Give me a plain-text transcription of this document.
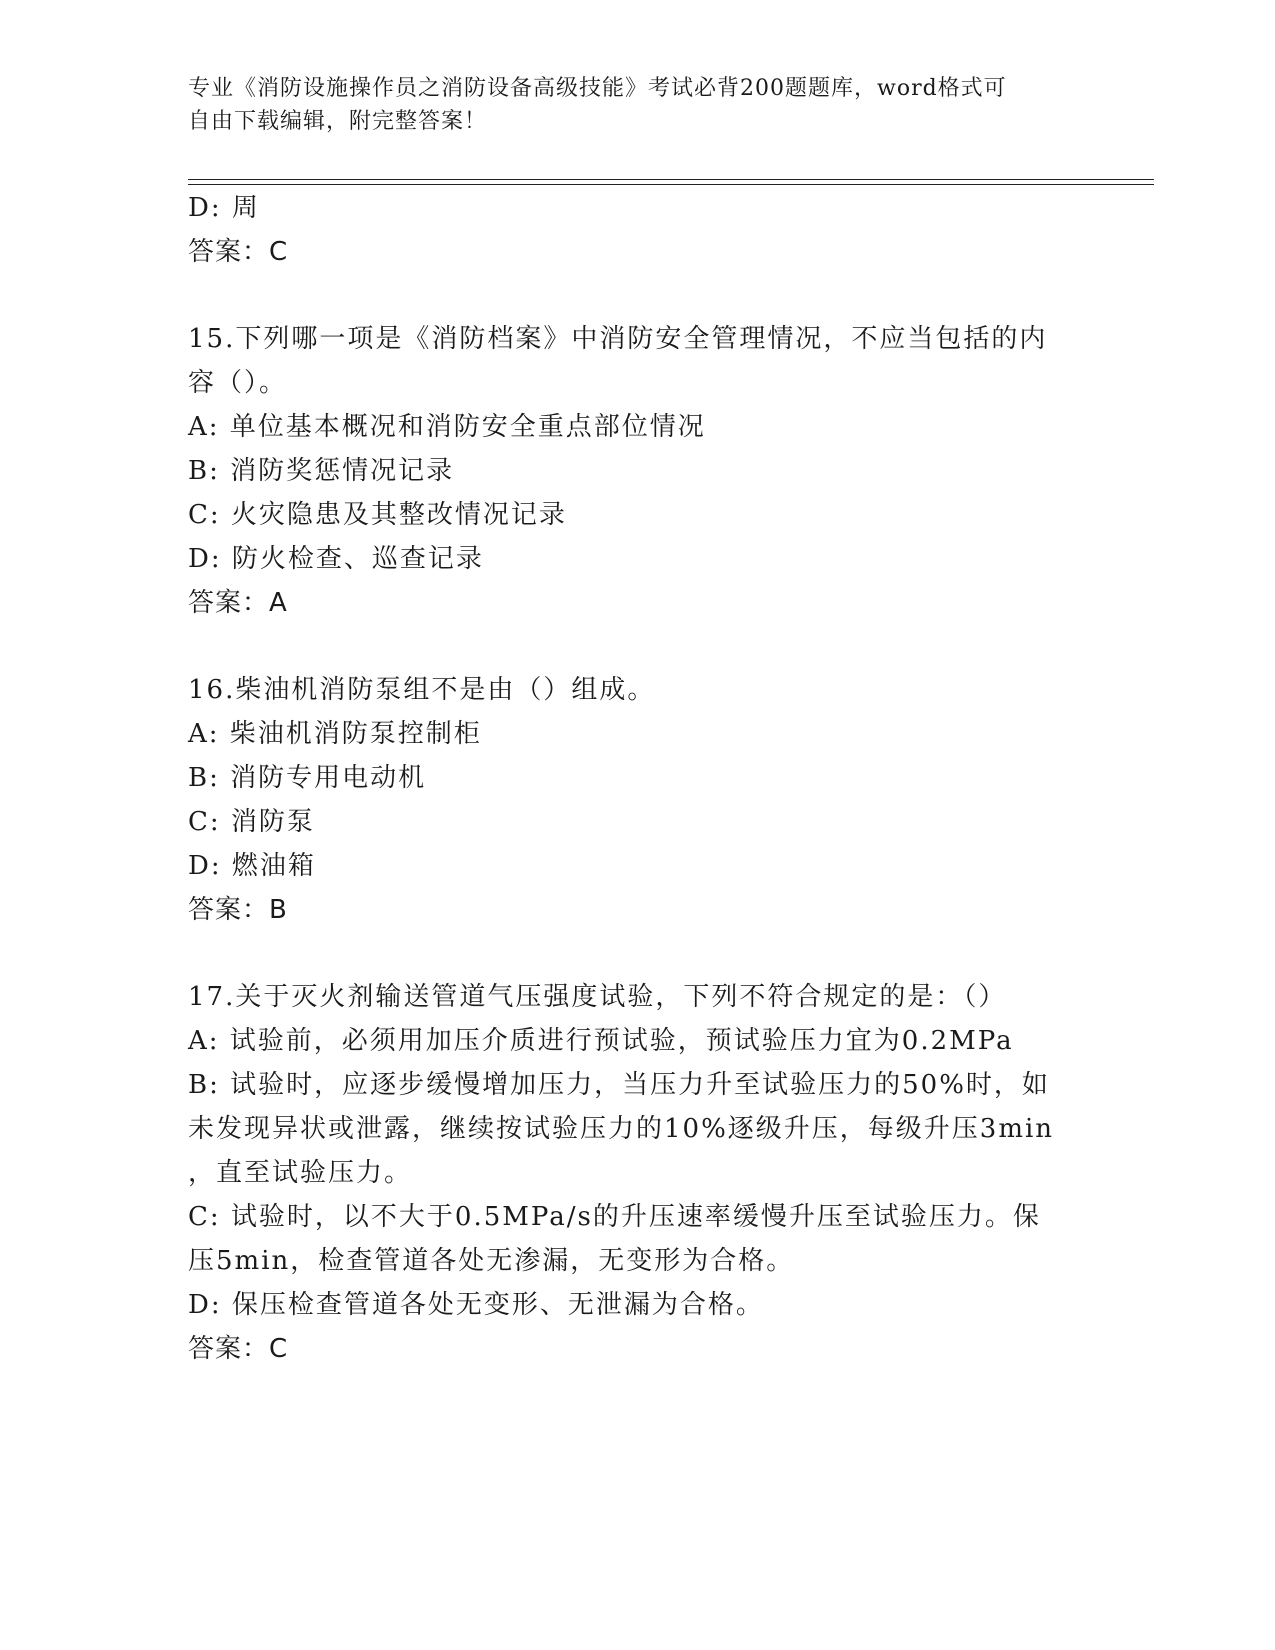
专业《消防设施操作员之消防设备高级技能》考试必背200题题库，word格式可
自由下载编辑，附完整答案！
D: 周
答案：C
15.下列哪一项是《消防档案》中消防安全管理情况，不应当包括的内
容（）。
A: 单位基本概况和消防安全重点部位情况
B: 消防奖惩情况记录
C: 火灾隐患及其整改情况记录
D: 防火检查、巡查记录
答案：A
16.柴油机消防泵组不是由（）组成。
A: 柴油机消防泵控制柜
B: 消防专用电动机
C: 消防泵
D: 燃油箱
答案：B
17.关于灭火剂输送管道气压强度试验，下列不符合规定的是：（）
A: 试验前，必须用加压介质进行预试验，预试验压力宜为0.2MPa
B: 试验时，应逐步缓慢增加压力，当压力升至试验压力的50%时，如
未发现异状或泄露，继续按试验压力的10%逐级升压，每级升压3min
，直至试验压力。
C: 试验时，以不大于0.5MPa/s的升压速率缓慢升压至试验压力。保
压5min，检查管道各处无渗漏，无变形为合格。
D: 保压检查管道各处无变形、无泄漏为合格。
答案：C
